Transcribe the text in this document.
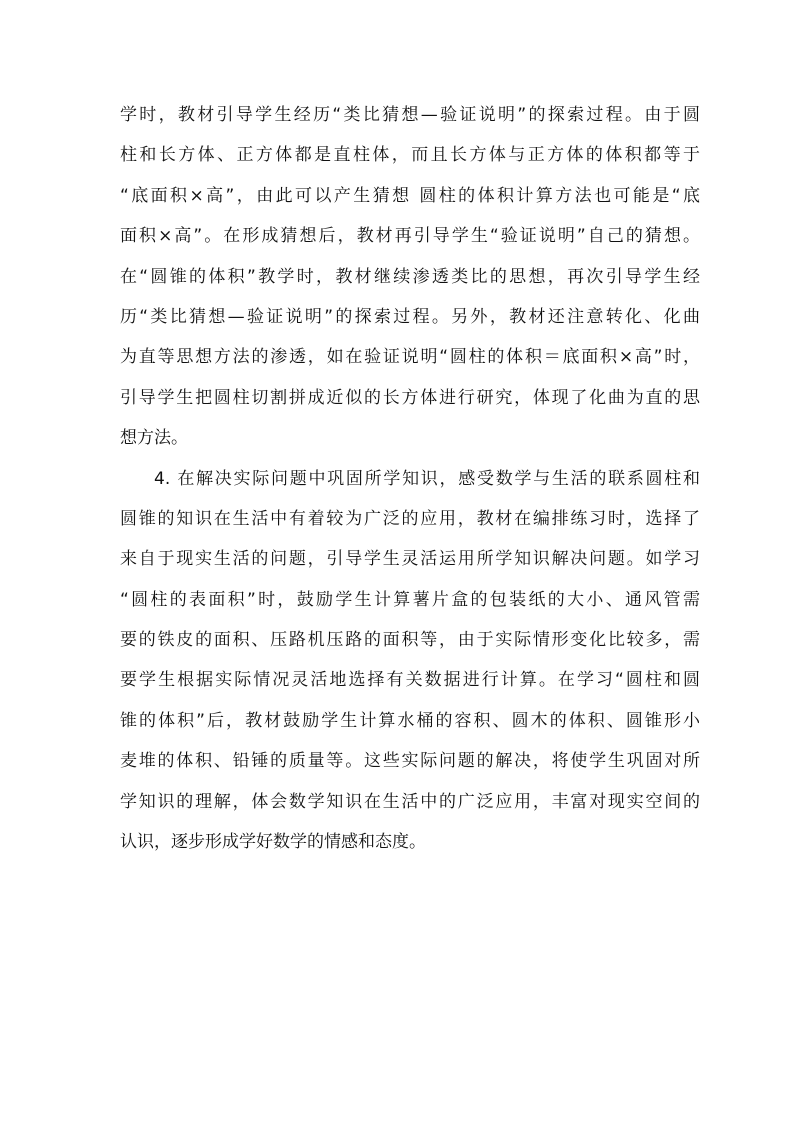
学时，教材引导学生经历“类比猜想—验证说明”的探索过程。由于圆
柱和长方体、正方体都是直柱体，而且长方体与正方体的体积都等于
“底面积×高”，由此可以产生猜想 圆柱的体积计算方法也可能是“底
面积×高”。在形成猜想后，教材再引导学生“验证说明”自己的猜想。
在“圆锥的体积”教学时，教材继续渗透类比的思想，再次引导学生经
历“类比猜想—验证说明”的探索过程。另外，教材还注意转化、化曲
为直等思想方法的渗透，如在验证说明“圆柱的体积＝底面积×高”时，
引导学生把圆柱切割拼成近似的长方体进行研究，体现了化曲为直的思
想方法。
4. 在解决实际问题中巩固所学知识，感受数学与生活的联系圆柱和
圆锥的知识在生活中有着较为广泛的应用，教材在编排练习时，选择了
来自于现实生活的问题，引导学生灵活运用所学知识解决问题。如学习
“圆柱的表面积”时，鼓励学生计算薯片盒的包装纸的大小、通风管需
要的铁皮的面积、压路机压路的面积等，由于实际情形变化比较多，需
要学生根据实际情况灵活地选择有关数据进行计算。在学习“圆柱和圆
锥的体积”后，教材鼓励学生计算水桶的容积、圆木的体积、圆锥形小
麦堆的体积、铅锤的质量等。这些实际问题的解决，将使学生巩固对所
学知识的理解，体会数学知识在生活中的广泛应用，丰富对现实空间的
认识，逐步形成学好数学的情感和态度。
